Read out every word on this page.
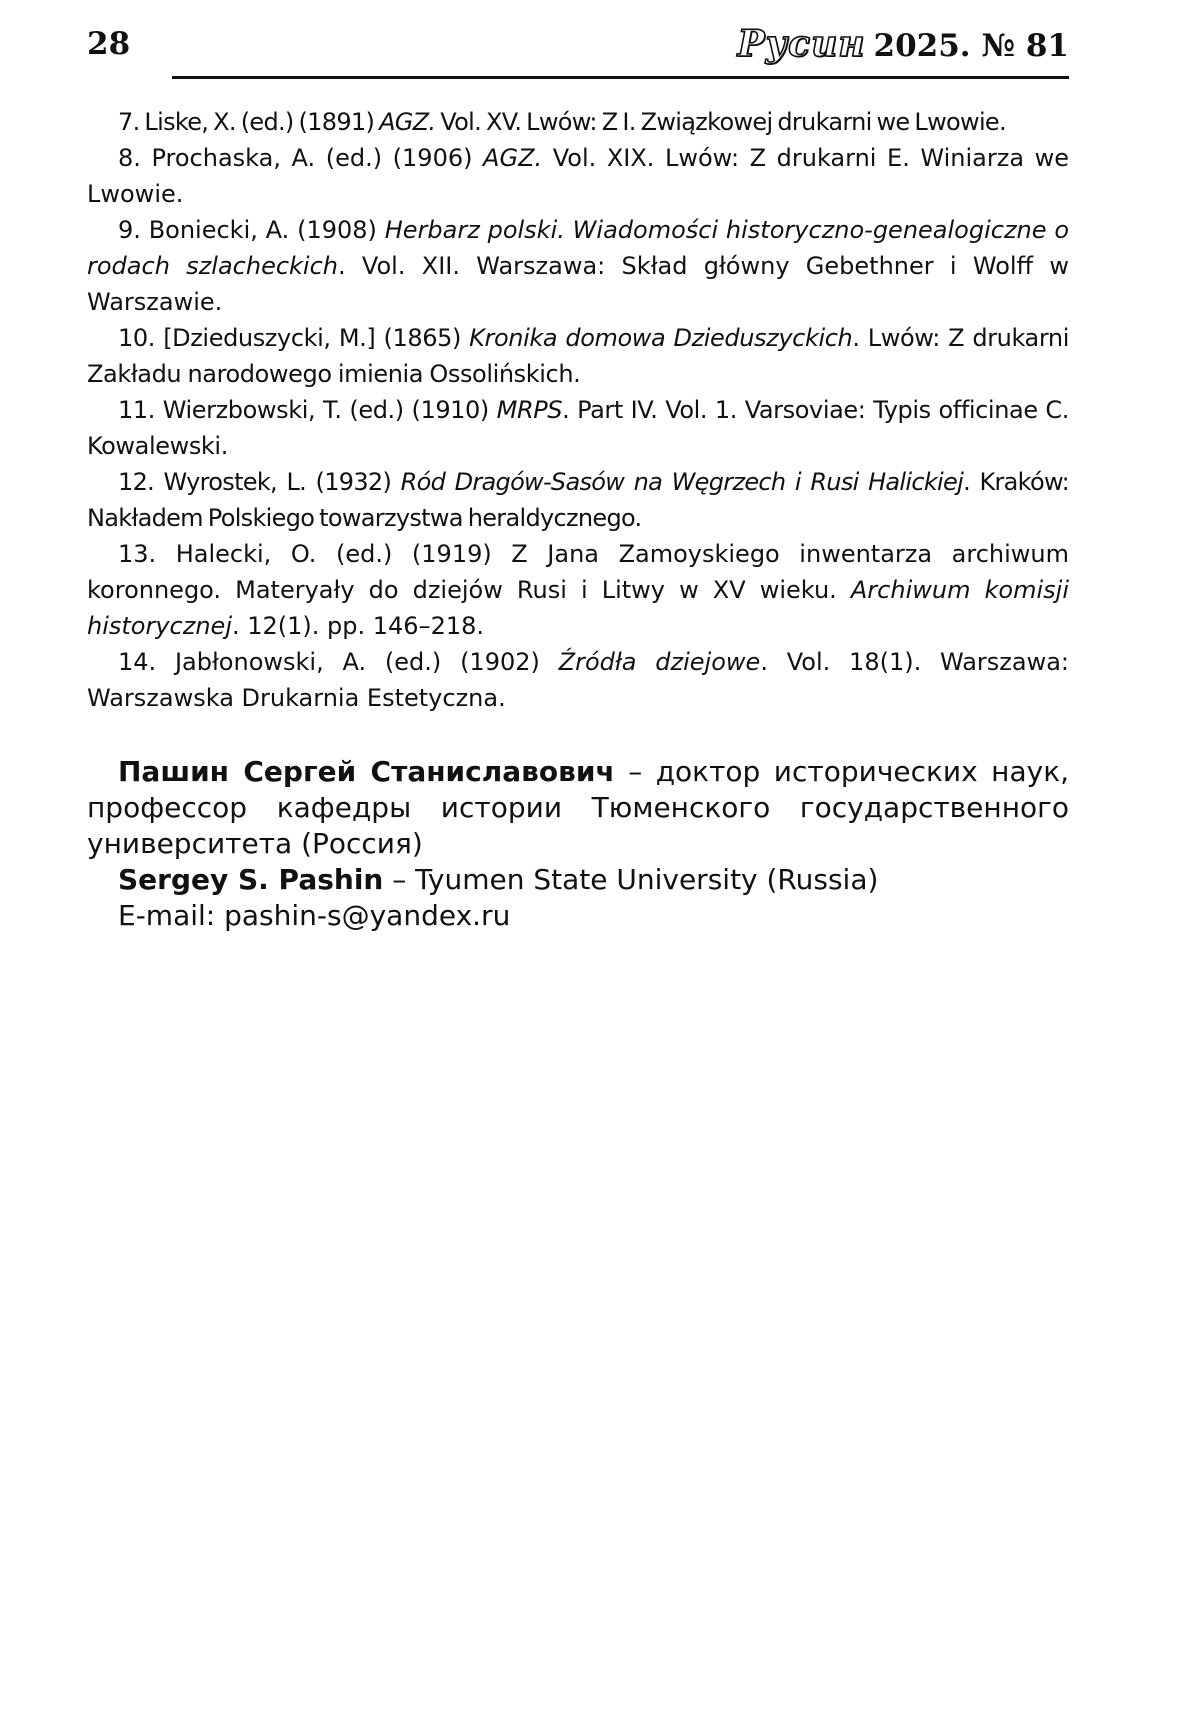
28	Русин 2025. № 81

7. Liske, X. (ed.) (1891) AGZ. Vol. XV. Lwów: Z I. Związkowej drukarni we Lwowie.

8. Prochaska, A. (ed.) (1906) AGZ. Vol. XIX. Lwów: Z drukarni E. Winiarza we Lwowie.

9. Boniecki, A. (1908) Herbarz polski. Wiadomości historyczno-genealogiczne o rodach szlacheckich. Vol. XII. Warszawa: Skład główny Gebethner i Wolff w Warszawie.

10. [Dzieduszycki, M.] (1865) Kronika domowa Dzieduszyckich. Lwów: Z drukarni Zakładu narodowego imienia Ossolińskich.

11. Wierzbowski, T. (ed.) (1910) MRPS. Part IV. Vol. 1. Varsoviae: Typis officinae C. Kowalewski.

12. Wyrostek, L. (1932) Ród Dragów-Sasów na Węgrzech i Rusi Halickiej. Kraków: Nakładem Polskiego towarzystwa heraldycznego.

13. Halecki, O. (ed.) (1919) Z Jana Zamoyskiego inwentarza archiwum koronnego. Materyały do dziejów Rusi i Litwy w XV wieku. Archiwum komisji historycznej. 12(1). pp. 146–218.

14. Jabłonowski, A. (ed.) (1902) Źródła dziejowe. Vol. 18(1). Warszawa: Warszawska Drukarnia Estetyczna.

Пашин Сергей Станиславович – доктор исторических наук, профессор кафедры истории Тюменского государственного университета (Россия)

Sergey S. Pashin – Tyumen State University (Russia)

E-mail: pashin-s@yandex.ru
